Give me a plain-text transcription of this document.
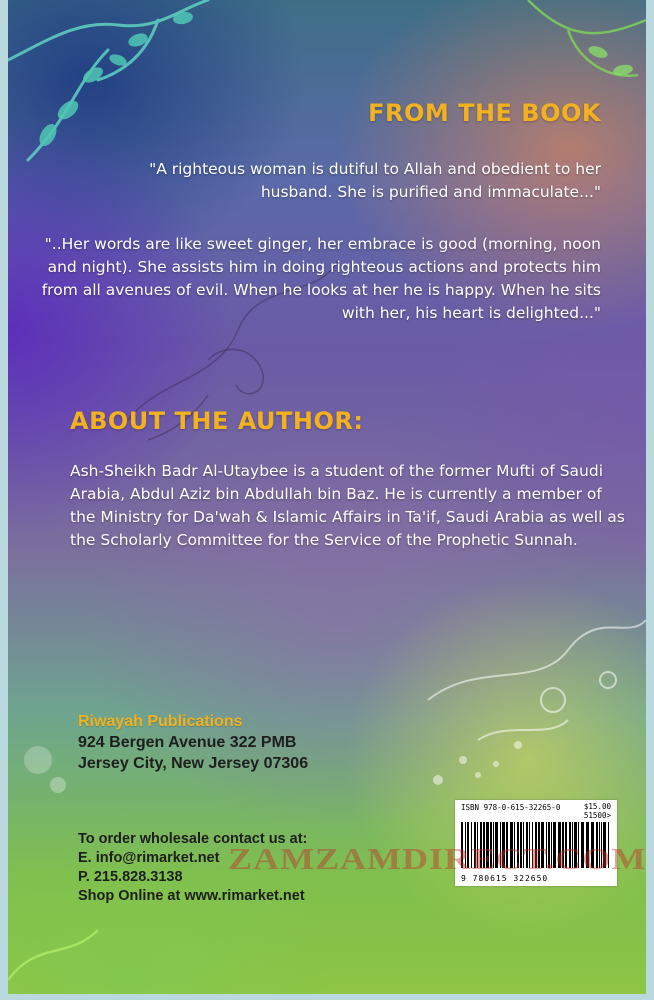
FROM THE BOOK

"A righteous woman is dutiful to Allah and obedient to her husband. She is purified and immaculate..."

"..Her words are like sweet ginger, her embrace is good (morning, noon and night). She assists him in doing righteous actions and protects him from all avenues of evil. When he looks at her he is happy. When he sits with her, his heart is delighted..."

ABOUT THE AUTHOR:

Ash-Sheikh Badr Al-Utaybee is a student of the former Mufti of Saudi Arabia, Abdul Aziz bin Abdullah bin Baz. He is currently a member of the Ministry for Da'wah & Islamic Affairs in Ta'if, Saudi Arabia as well as the Scholarly Committee for the Service of the Prophetic Sunnah.

Riwayah Publications
924 Bergen Avenue 322 PMB
Jersey City, New Jersey 07306
To order wholesale contact us at:
E. info@rimarket.net
P. 215.828.3138
Shop Online at www.rimarket.net
ISBN 978-0-615-32265-0	$15.00
51500>
9 780615 322650
ZAMZAMDIRECT.COM
